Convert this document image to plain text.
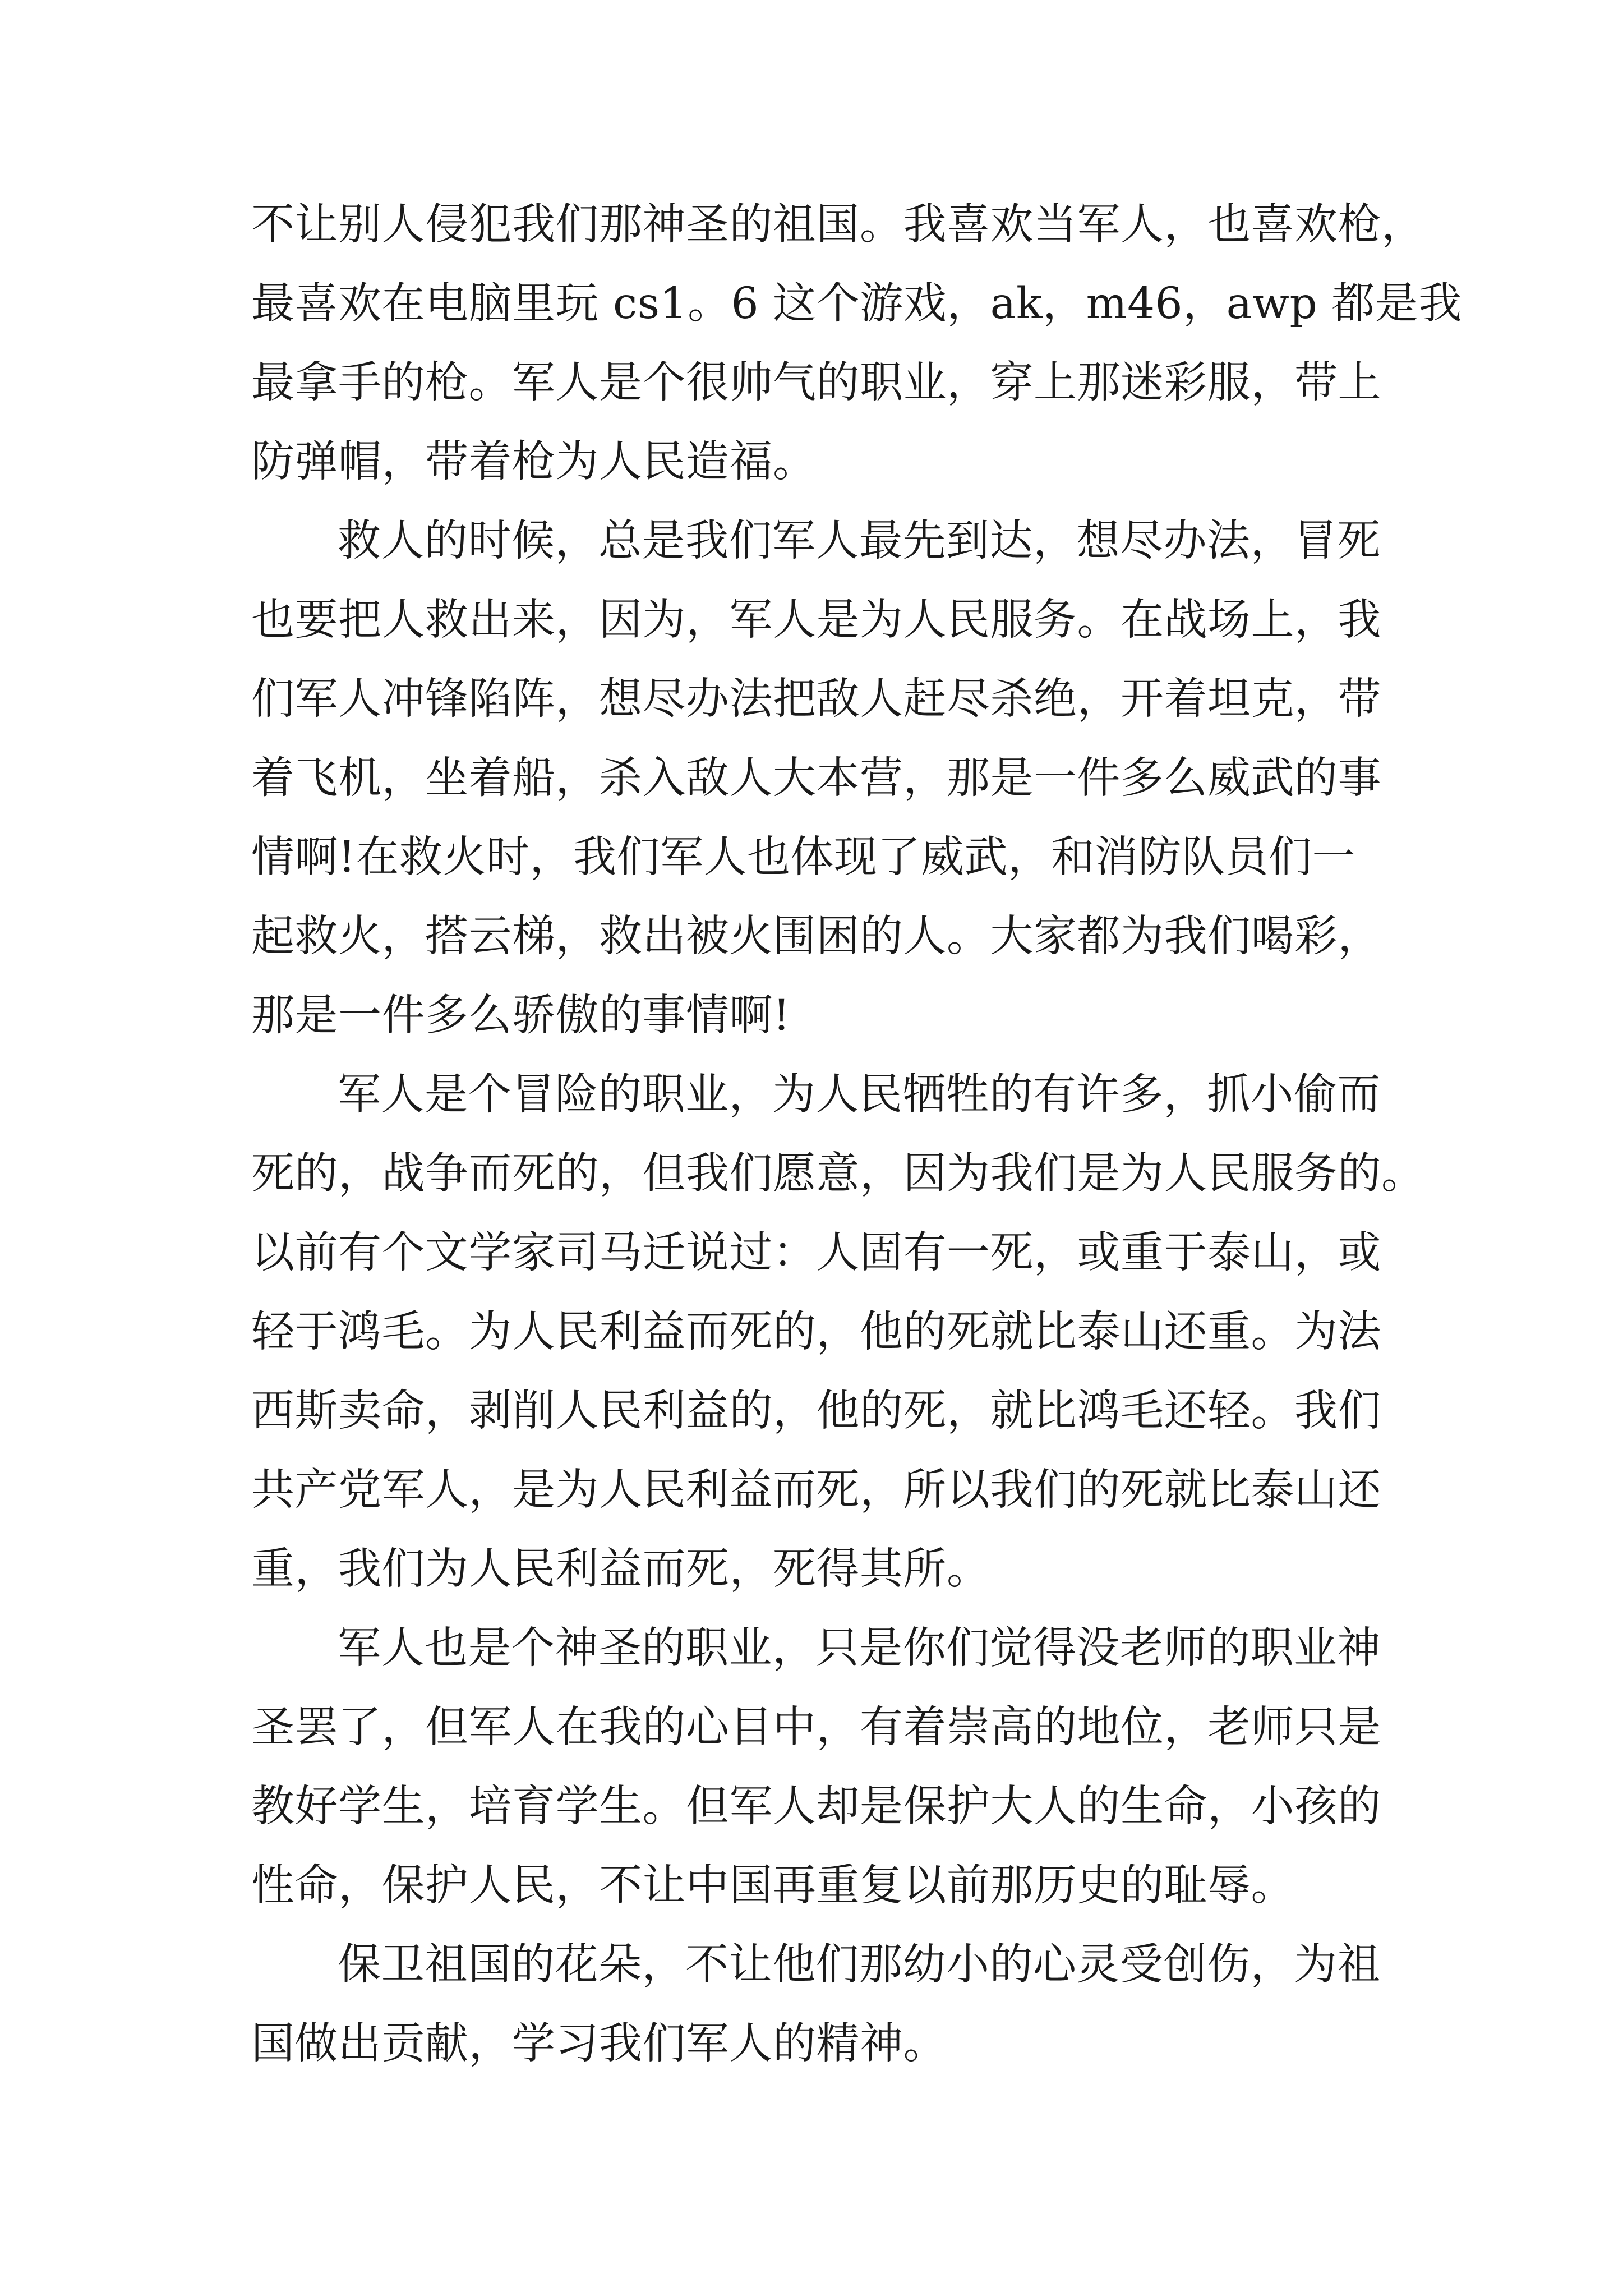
不让别人侵犯我们那神圣的祖国。我喜欢当军人，也喜欢枪，
最喜欢在电脑里玩 cs1。6 这个游戏，ak，m46，awp 都是我
最拿手的枪。军人是个很帅气的职业，穿上那迷彩服，带上
防弹帽，带着枪为人民造福。
救人的时候，总是我们军人最先到达，想尽办法，冒死
也要把人救出来，因为，军人是为人民服务。在战场上，我
们军人冲锋陷阵，想尽办法把敌人赶尽杀绝，开着坦克，带
着飞机，坐着船，杀入敌人大本营，那是一件多么威武的事
情啊!在救火时，我们军人也体现了威武，和消防队员们一
起救火，搭云梯，救出被火围困的人。大家都为我们喝彩，
那是一件多么骄傲的事情啊!
军人是个冒险的职业，为人民牺牲的有许多，抓小偷而
死的，战争而死的，但我们愿意，因为我们是为人民服务的。
以前有个文学家司马迁说过：人固有一死，或重于泰山，或
轻于鸿毛。为人民利益而死的，他的死就比泰山还重。为法
西斯卖命，剥削人民利益的，他的死，就比鸿毛还轻。我们
共产党军人，是为人民利益而死，所以我们的死就比泰山还
重，我们为人民利益而死，死得其所。
军人也是个神圣的职业，只是你们觉得没老师的职业神
圣罢了，但军人在我的心目中，有着崇高的地位，老师只是
教好学生，培育学生。但军人却是保护大人的生命，小孩的
性命，保护人民，不让中国再重复以前那历史的耻辱。
保卫祖国的花朵，不让他们那幼小的心灵受创伤，为祖
国做出贡献，学习我们军人的精神。
